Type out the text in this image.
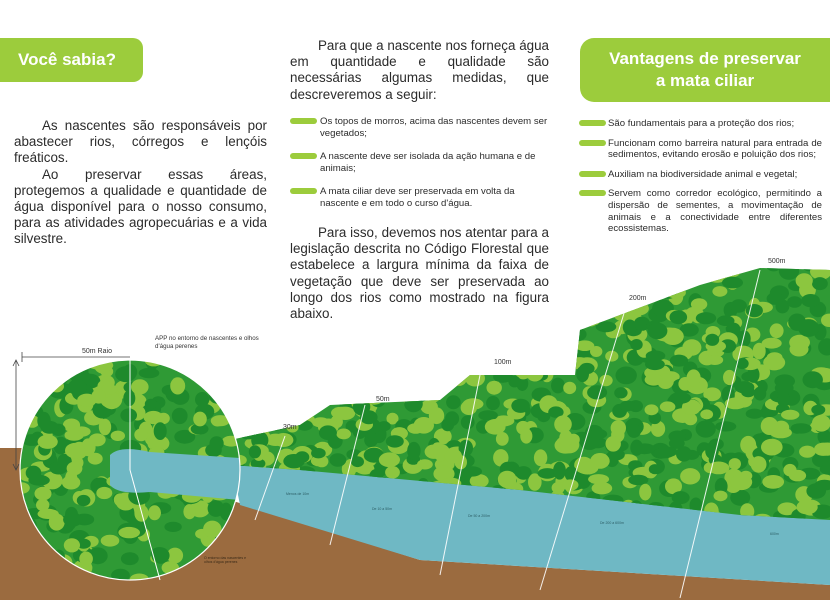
Você sabia?

As nascentes são responsáveis por abastecer rios, córregos e lençóis freáticos.

Ao preservar essas áreas, protegemos a qualidade e quantidade de água disponível para o nosso consumo, para as atividades agropecuárias e a vida silvestre.

Para que a nascente nos forneça água em quantidade e qualidade são necessárias algumas medidas, que descreveremos a seguir:

Os topos de morros, acima das nascentes devem ser vegetados;
A nascente deve ser isolada da ação humana e de animais;
A mata ciliar deve ser preservada em volta da nascente e em todo o curso d'água.

Para isso, devemos nos atentar para a legislação descrita no Código Florestal que estabelece a largura mínima da faixa de vegetação que deve ser preservada ao longo dos rios como mostrado na figura abaixo.

Vantagens de preservar
a mata ciliar
São fundamentais para a proteção dos rios;
Funcionam como barreira natural para entrada de sedimentos, evitando erosão e poluição dos rios;
Auxiliam na biodiversidade animal e vegetal;
Servem como corredor ecológico, permitindo a dispersão de sementes, a movimentação de animais e a conectividade entre diferentes ecossistemas.
50m Raio
APP no entorno de nascentes e olhos d'água perenes
30m
50m
100m
200m
500m
Menos de 10m
De 10 a 50m
De 50 a 200m
De 200 a 600m
600m
O entorno das nascentes e olhos d'água perenes
